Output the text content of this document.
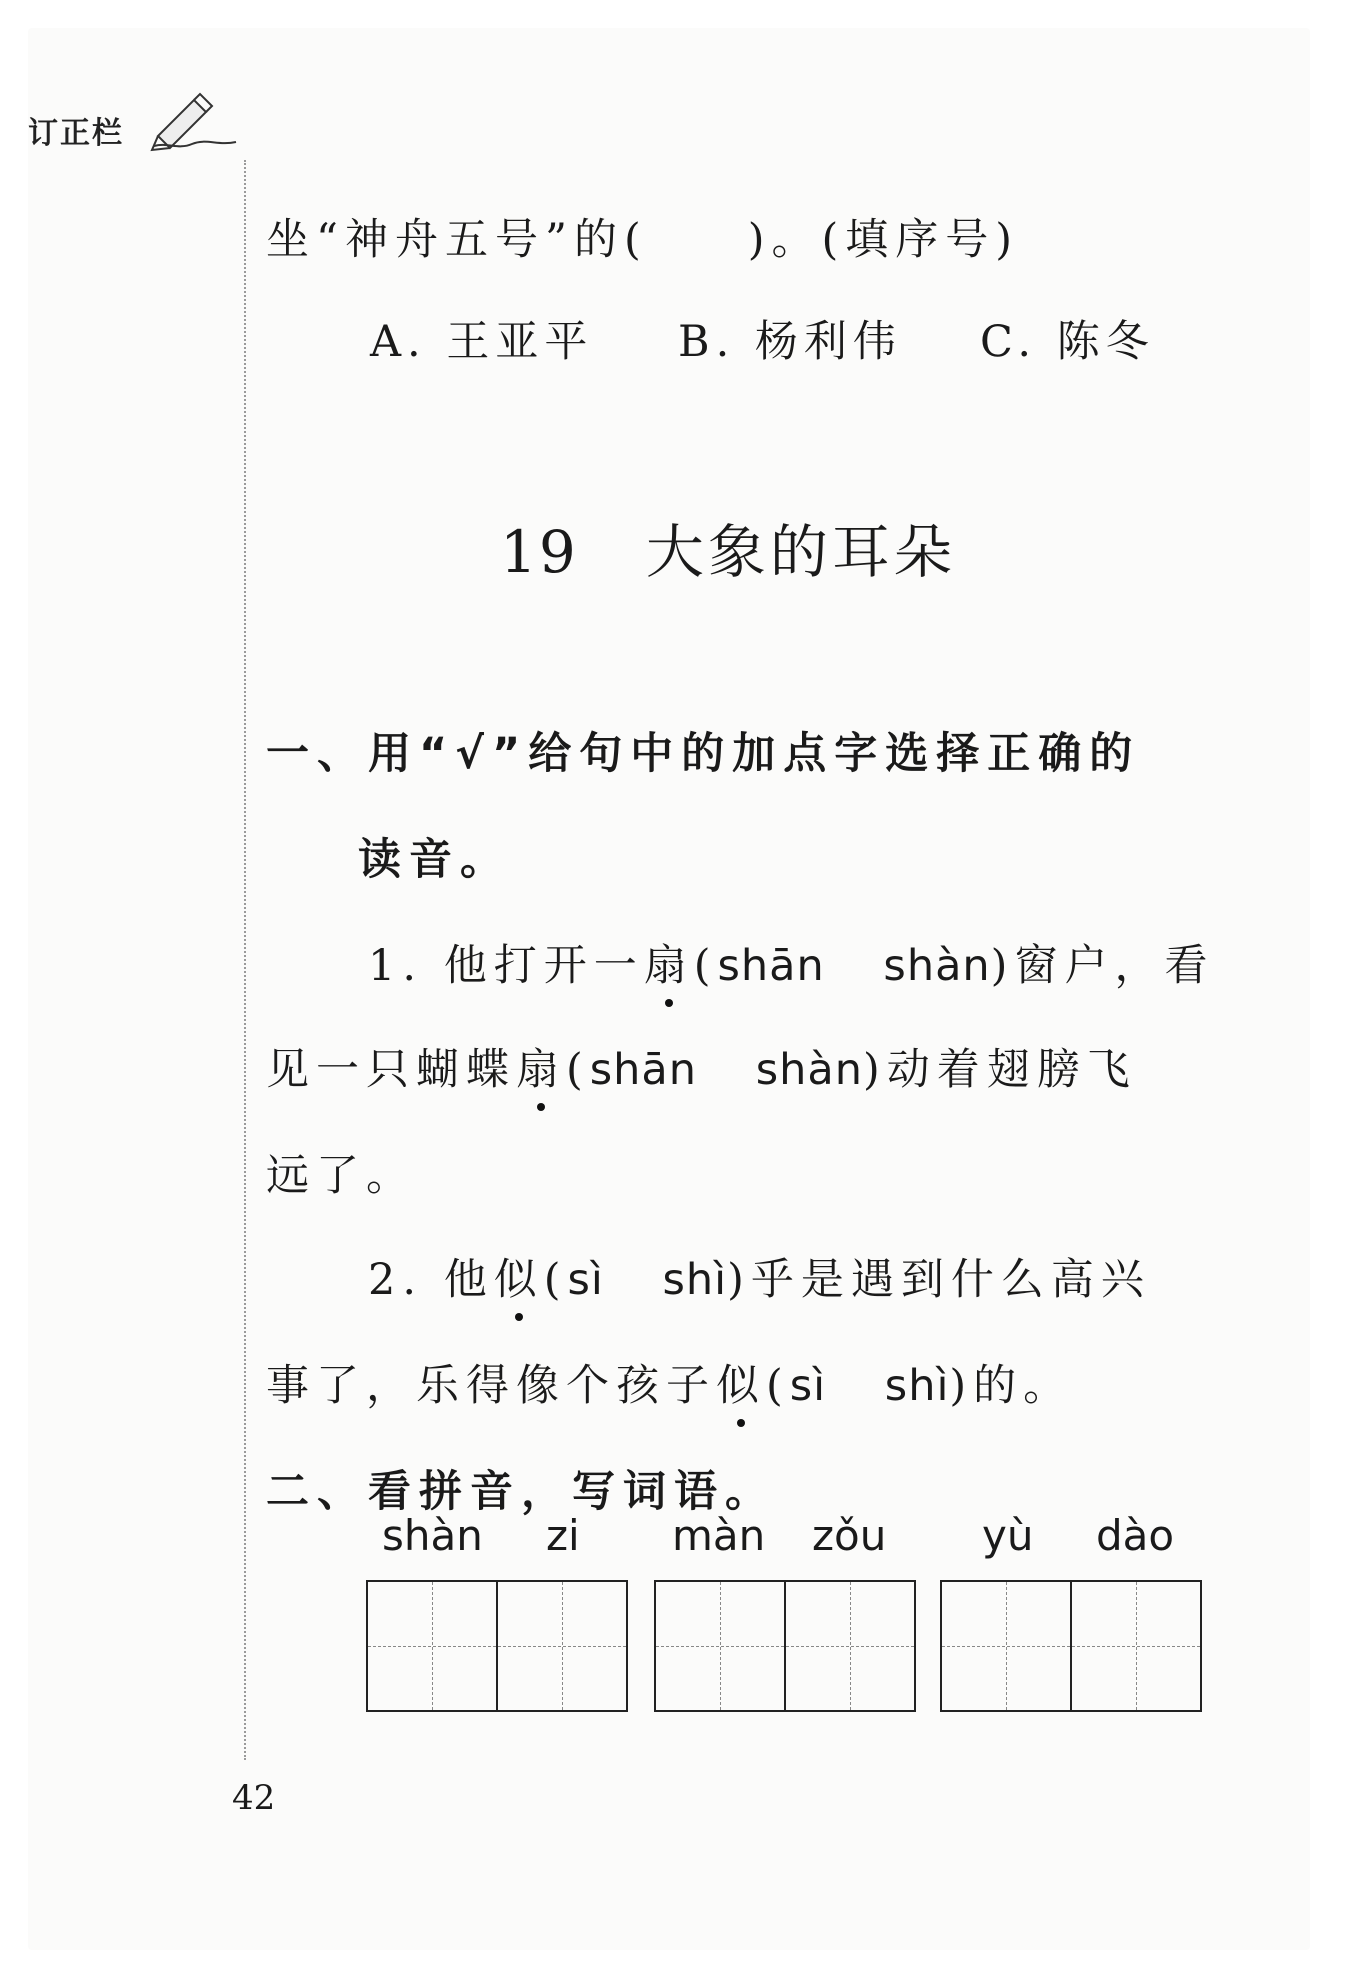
订正栏
坐“神舟五号”的(　　)。(填序号)
A. 王亚平 B. 杨利伟 C. 陈冬
19 大象的耳朵
一、用“√”给句中的加点字选择正确的
读音。
1. 他打开一扇(shān　 shàn)窗户，看
见一只蝴蝶扇(shān　 shàn)动着翅膀飞
远了。
2. 他似(sì　 shì)乎是遇到什么高兴
事了，乐得像个孩子似(sì　 shì)的。
二、看拼音，写词语。
shàn zi màn zǒu yù dào
42
